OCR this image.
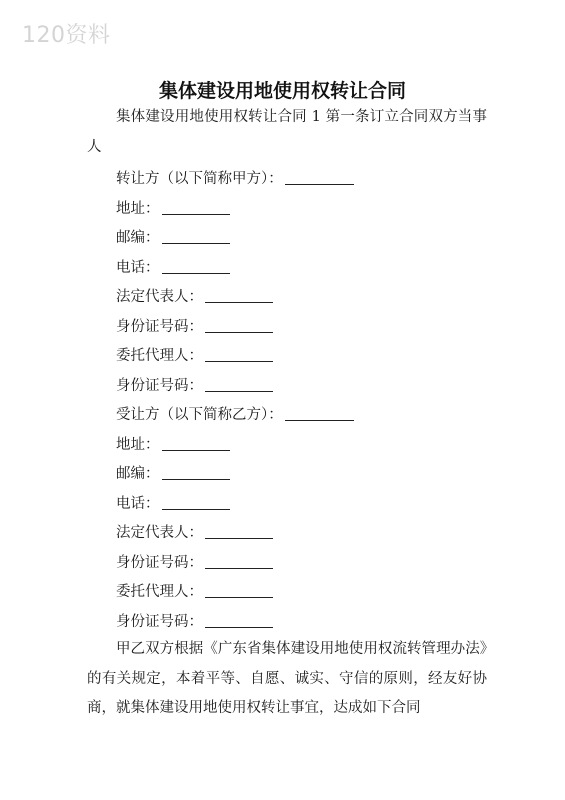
120资料
集体建设用地使用权转让合同
集体建设用地使用权转让合同 1 第一条订立合同双方当事人
转让方（以下简称甲方）：
地址：
邮编：
电话：
法定代表人：
身份证号码：
委托代理人：
身份证号码：
受让方（以下简称乙方）：
地址：
邮编：
电话：
法定代表人：
身份证号码：
委托代理人：
身份证号码：
甲乙双方根据《广东省集体建设用地使用权流转管理办法》的有关规定，本着平等、自愿、诚实、守信的原则，经友好协商，就集体建设用地使用权转让事宜，达成如下合同
